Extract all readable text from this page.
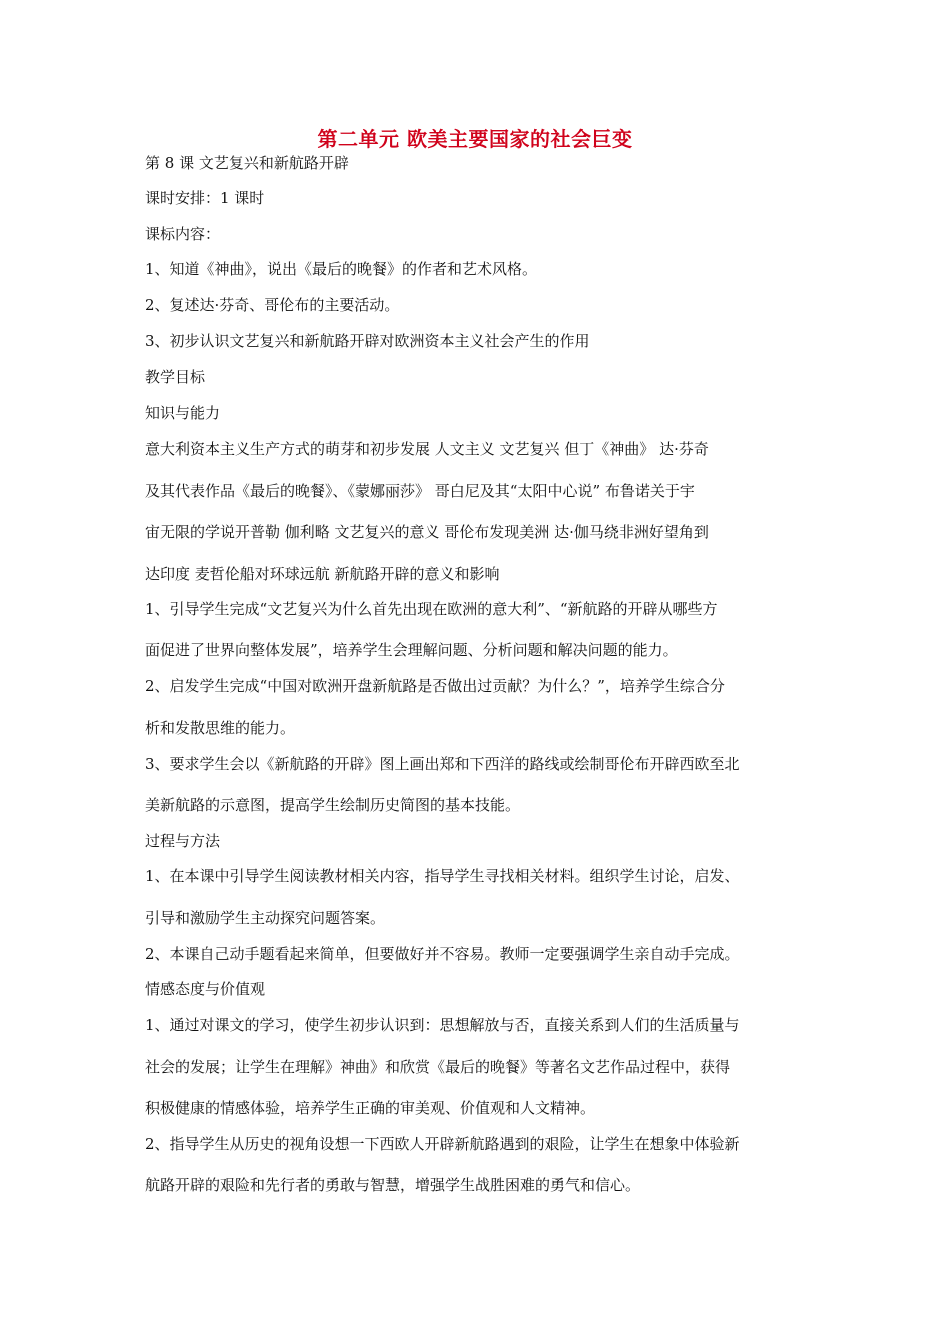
第二单元 欧美主要国家的社会巨变

第 8 课 文艺复兴和新航路开辟

课时安排：1 课时

课标内容：

1、知道《神曲》，说出《最后的晚餐》的作者和艺术风格。

2、复述达·芬奇、哥伦布的主要活动。

3、初步认识文艺复兴和新航路开辟对欧洲资本主义社会产生的作用

教学目标

知识与能力

意大利资本主义生产方式的萌芽和初步发展 人文主义 文艺复兴 但丁《神曲》 达·芬奇

及其代表作品《最后的晚餐》、《蒙娜丽莎》 哥白尼及其“太阳中心说” 布鲁诺关于宇

宙无限的学说开普勒 伽利略 文艺复兴的意义 哥伦布发现美洲 达·伽马绕非洲好望角到

达印度 麦哲伦船对环球远航 新航路开辟的意义和影响

1、引导学生完成“文艺复兴为什么首先出现在欧洲的意大利”、“新航路的开辟从哪些方

面促进了世界向整体发展”，培养学生会理解问题、分析问题和解决问题的能力。

2、启发学生完成“中国对欧洲开盘新航路是否做出过贡献？为什么？”，培养学生综合分

析和发散思维的能力。

3、要求学生会以《新航路的开辟》图上画出郑和下西洋的路线或绘制哥伦布开辟西欧至北

美新航路的示意图，提高学生绘制历史简图的基本技能。

过程与方法

1、在本课中引导学生阅读教材相关内容，指导学生寻找相关材料。组织学生讨论，启发、

引导和激励学生主动探究问题答案。

2、本课自己动手题看起来简单，但要做好并不容易。教师一定要强调学生亲自动手完成。

情感态度与价值观

1、通过对课文的学习，使学生初步认识到：思想解放与否，直接关系到人们的生活质量与

社会的发展；让学生在理解》神曲》和欣赏《最后的晚餐》等著名文艺作品过程中，获得

积极健康的情感体验，培养学生正确的审美观、价值观和人文精神。

2、指导学生从历史的视角设想一下西欧人开辟新航路遇到的艰险，让学生在想象中体验新

航路开辟的艰险和先行者的勇敢与智慧，增强学生战胜困难的勇气和信心。
